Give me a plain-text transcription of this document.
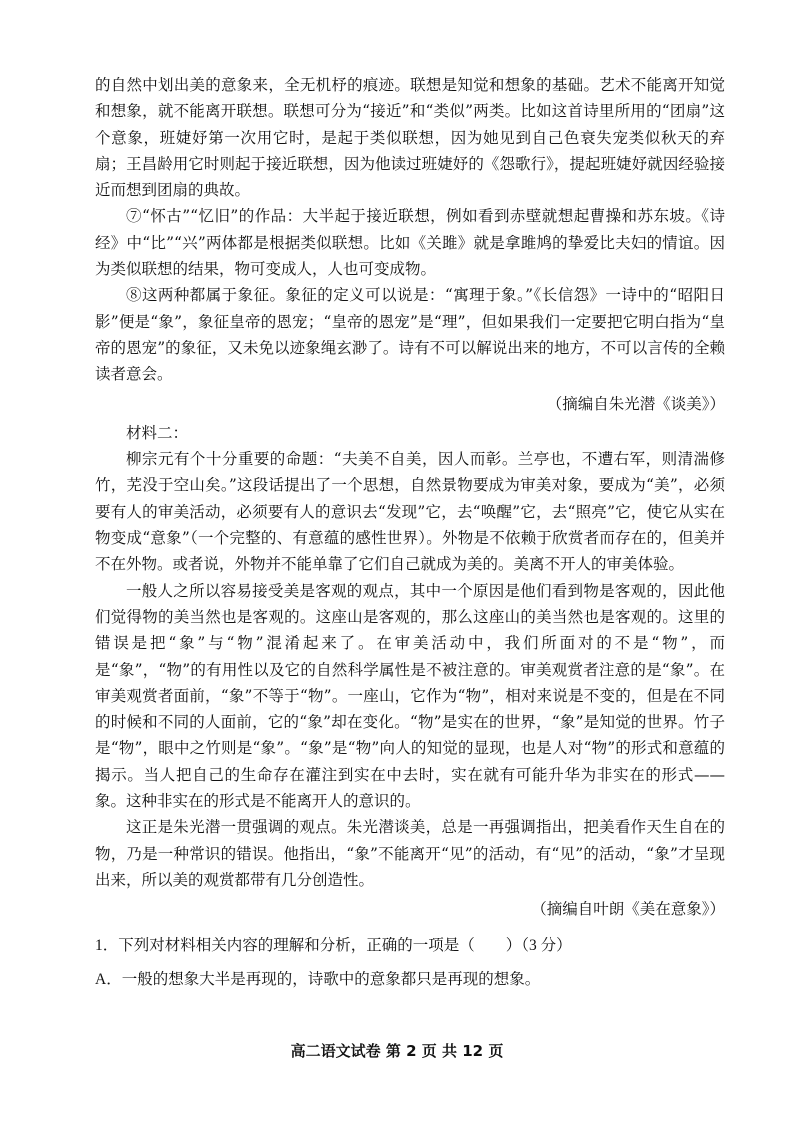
的自然中划出美的意象来，全无机杼的痕迹。联想是知觉和想象的基础。艺术不能离开知觉和想象，就不能离开联想。联想可分为“接近”和“类似”两类。比如这首诗里所用的“团扇”这个意象，班婕妤第一次用它时，是起于类似联想，因为她见到自己色衰失宠类似秋天的弃扇；王昌龄用它时则起于接近联想，因为他读过班婕妤的《怨歌行》，提起班婕妤就因经验接近而想到团扇的典故。

⑦“怀古”“忆旧”的作品：大半起于接近联想，例如看到赤壁就想起曹操和苏东坡。《诗经》中“比”“兴”两体都是根据类似联想。比如《关雎》就是拿雎鸠的挚爱比夫妇的情谊。因为类似联想的结果，物可变成人，人也可变成物。

⑧这两种都属于象征。象征的定义可以说是：“寓理于象。”《长信怨》一诗中的“昭阳日影”便是“象”，象征皇帝的恩宠；“皇帝的恩宠”是“理”，但如果我们一定要把它明白指为“皇帝的恩宠”的象征，又未免以迹象绳玄渺了。诗有不可以解说出来的地方，不可以言传的全赖读者意会。

（摘编自朱光潜《谈美》）

材料二：

柳宗元有个十分重要的命题：“夫美不自美，因人而彰。兰亭也，不遭右军，则清湍修竹，芜没于空山矣。”这段话提出了一个思想，自然景物要成为审美对象，要成为“美”，必须要有人的审美活动，必须要有人的意识去“发现”它，去“唤醒”它，去“照亮”它，使它从实在物变成“意象”（一个完整的、有意蕴的感性世界）。外物是不依赖于欣赏者而存在的，但美并不在外物。或者说，外物并不能单靠了它们自己就成为美的。美离不开人的审美体验。

一般人之所以容易接受美是客观的观点，其中一个原因是他们看到物是客观的，因此他们觉得物的美当然也是客观的。这座山是客观的，那么这座山的美当然也是客观的。这里的错误是把“象”与“物”混淆起来了。在审美活动中，我们所面对的不是“物”，而是“象”，“物”的有用性以及它的自然科学属性是不被注意的。审美观赏者注意的是“象”。在审美观赏者面前，“象”不等于“物”。一座山，它作为“物”，相对来说是不变的，但是在不同的时候和不同的人面前，它的“象”却在变化。“物”是实在的世界，“象”是知觉的世界。竹子是“物”，眼中之竹则是“象”。“象”是“物”向人的知觉的显现，也是人对“物”的形式和意蕴的揭示。当人把自己的生命存在灌注到实在中去时，实在就有可能升华为非实在的形式——象。这种非实在的形式是不能离开人的意识的。

这正是朱光潜一贯强调的观点。朱光潜谈美，总是一再强调指出，把美看作天生自在的物，乃是一种常识的错误。他指出，“象”不能离开“见”的活动，有“见”的活动，“象”才呈现出来，所以美的观赏都带有几分创造性。

（摘编自叶朗《美在意象》）

1．下列对材料相关内容的理解和分析，正确的一项是（　　）（3 分）

A．一般的想象大半是再现的，诗歌中的意象都只是再现的想象。

高二语文试卷 第 2 页 共 12 页
